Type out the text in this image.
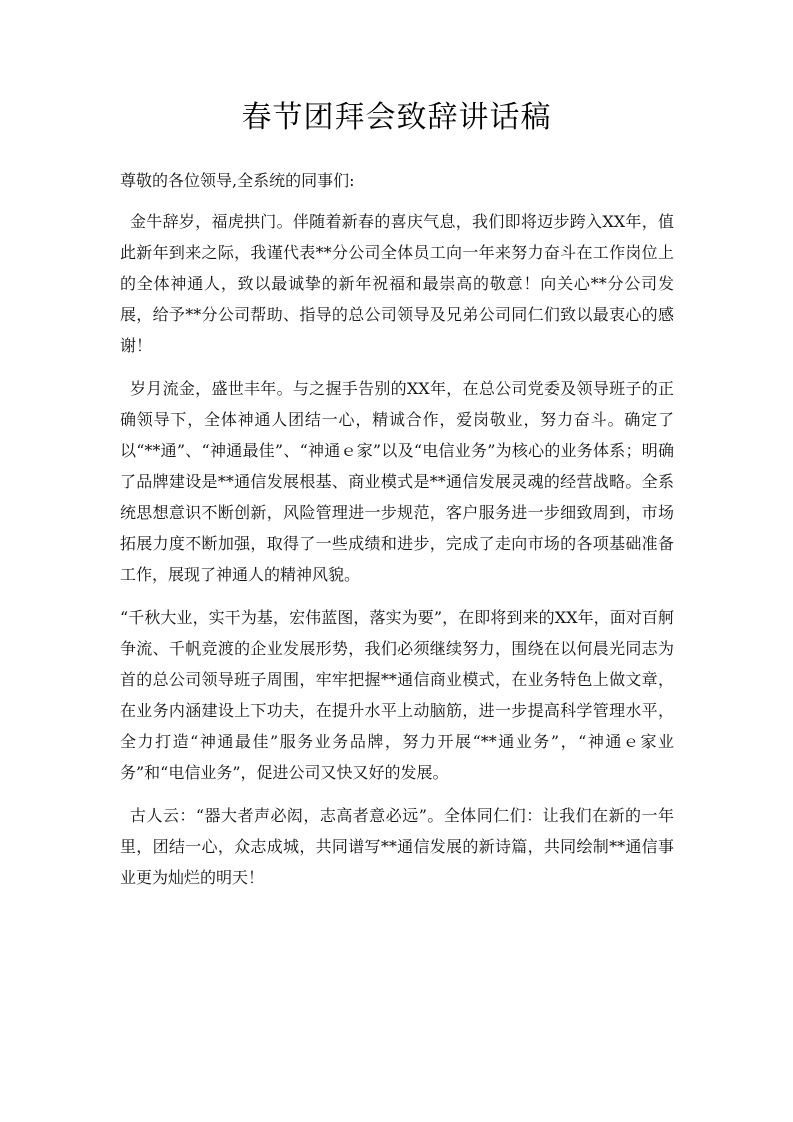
春节团拜会致辞讲话稿

尊敬的各位领导,全系统的同事们:

金牛辞岁，福虎拱门。伴随着新春的喜庆气息，我们即将迈步跨入XX年，值此新年到来之际，我谨代表**分公司全体员工向一年来努力奋斗在工作岗位上的全体神通人，致以最诚挚的新年祝福和最崇高的敬意！向关心**分公司发展，给予**分公司帮助、指导的总公司领导及兄弟公司同仁们致以最衷心的感谢！

岁月流金，盛世丰年。与之握手告别的XX年，在总公司党委及领导班子的正确领导下，全体神通人团结一心，精诚合作，爱岗敬业，努力奋斗。确定了以“**通”、“神通最佳”、“神通ｅ家”以及“电信业务”为核心的业务体系；明确了品牌建设是**通信发展根基、商业模式是**通信发展灵魂的经营战略。全系统思想意识不断创新，风险管理进一步规范，客户服务进一步细致周到，市场拓展力度不断加强，取得了一些成绩和进步，完成了走向市场的各项基础准备工作，展现了神通人的精神风貌。

“千秋大业，实干为基，宏伟蓝图，落实为要”，在即将到来的XX年，面对百舸争流、千帆竞渡的企业发展形势，我们必须继续努力，围绕在以何晨光同志为首的总公司领导班子周围，牢牢把握**通信商业模式，在业务特色上做文章，在业务内涵建设上下功夫，在提升水平上动脑筋，进一步提高科学管理水平，全力打造“神通最佳”服务业务品牌，努力开展“**通业务”，“神通ｅ家业务”和“电信业务”，促进公司又快又好的发展。

古人云：“器大者声必闳，志高者意必远”。全体同仁们：让我们在新的一年里，团结一心，众志成城，共同谱写**通信发展的新诗篇，共同绘制**通信事业更为灿烂的明天！
